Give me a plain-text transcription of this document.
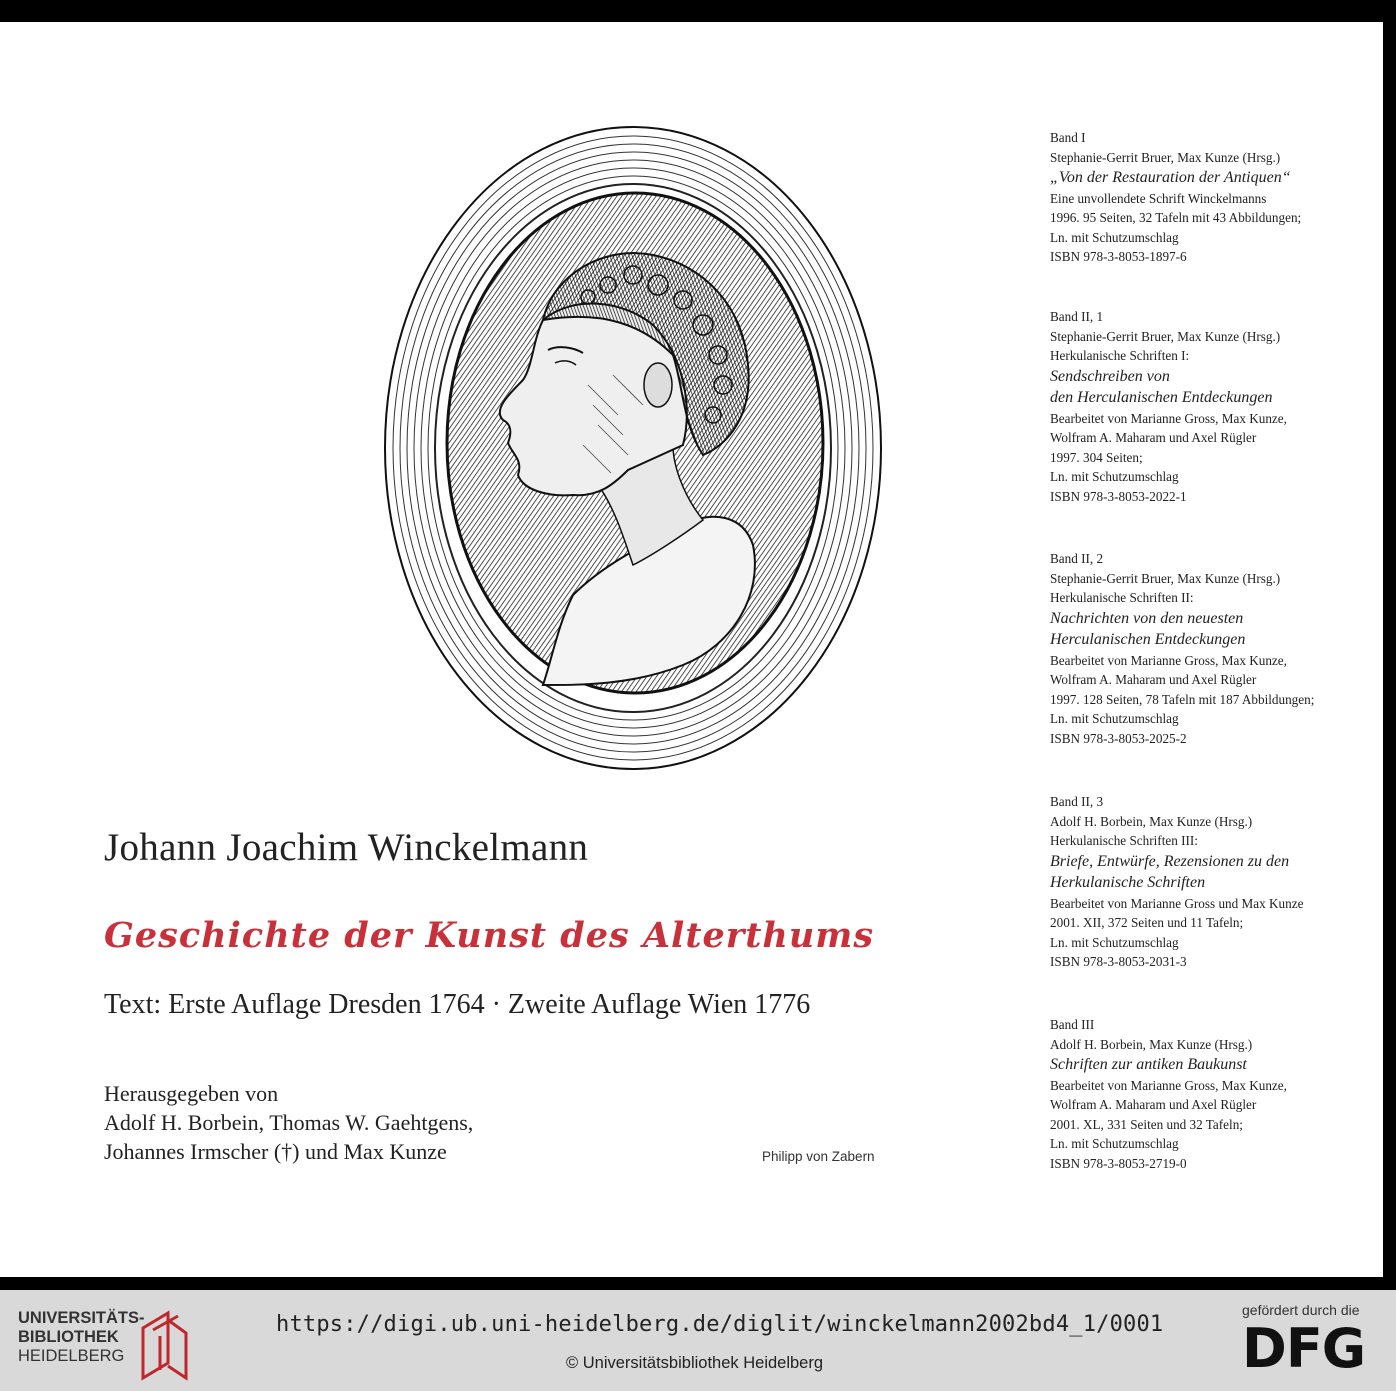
Johann Joachim Winckelmann
Geschichte der Kunst des Alterthums
Text: Erste Auflage Dresden 1764 · Zweite Auflage Wien 1776
Herausgegeben von
Adolf H. Borbein, Thomas W. Gaehtgens,
Johannes Irmscher (†) und Max Kunze	Philipp von Zabern
Band I
Stephanie-Gerrit Bruer, Max Kunze (Hrsg.)
„Von der Restauration der Antiquen“
Eine unvollendete Schrift Winckelmanns
1996. 95 Seiten, 32 Tafeln mit 43 Abbildungen;
Ln. mit Schutzumschlag
ISBN 978-3-8053-1897-6
Band II, 1
Stephanie-Gerrit Bruer, Max Kunze (Hrsg.)
Herkulanische Schriften I:
Sendschreiben von
den Herculanischen Entdeckungen
Bearbeitet von Marianne Gross, Max Kunze,
Wolfram A. Maharam und Axel Rügler
1997. 304 Seiten;
Ln. mit Schutzumschlag
ISBN 978-3-8053-2022-1
Band II, 2
Stephanie-Gerrit Bruer, Max Kunze (Hrsg.)
Herkulanische Schriften II:
Nachrichten von den neuesten
Herculanischen Entdeckungen
Bearbeitet von Marianne Gross, Max Kunze,
Wolfram A. Maharam und Axel Rügler
1997. 128 Seiten, 78 Tafeln mit 187 Abbildungen;
Ln. mit Schutzumschlag
ISBN 978-3-8053-2025-2
Band II, 3
Adolf H. Borbein, Max Kunze (Hrsg.)
Herkulanische Schriften III:
Briefe, Entwürfe, Rezensionen zu den
Herkulanische Schriften
Bearbeitet von Marianne Gross und Max Kunze
2001. XII, 372 Seiten und 11 Tafeln;
Ln. mit Schutzumschlag
ISBN 978-3-8053-2031-3
Band III
Adolf H. Borbein, Max Kunze (Hrsg.)
Schriften zur antiken Baukunst
Bearbeitet von Marianne Gross, Max Kunze,
Wolfram A. Maharam und Axel Rügler
2001. XL, 331 Seiten und 32 Tafeln;
Ln. mit Schutzumschlag
ISBN 978-3-8053-2719-0
UNIVERSITÄTS-
BIBLIOTHEK
HEIDELBERG
https://digi.ub.uni-heidelberg.de/diglit/winckelmann2002bd4_1/0001
© Universitätsbibliothek Heidelberg
gefördert durch die
DFG
